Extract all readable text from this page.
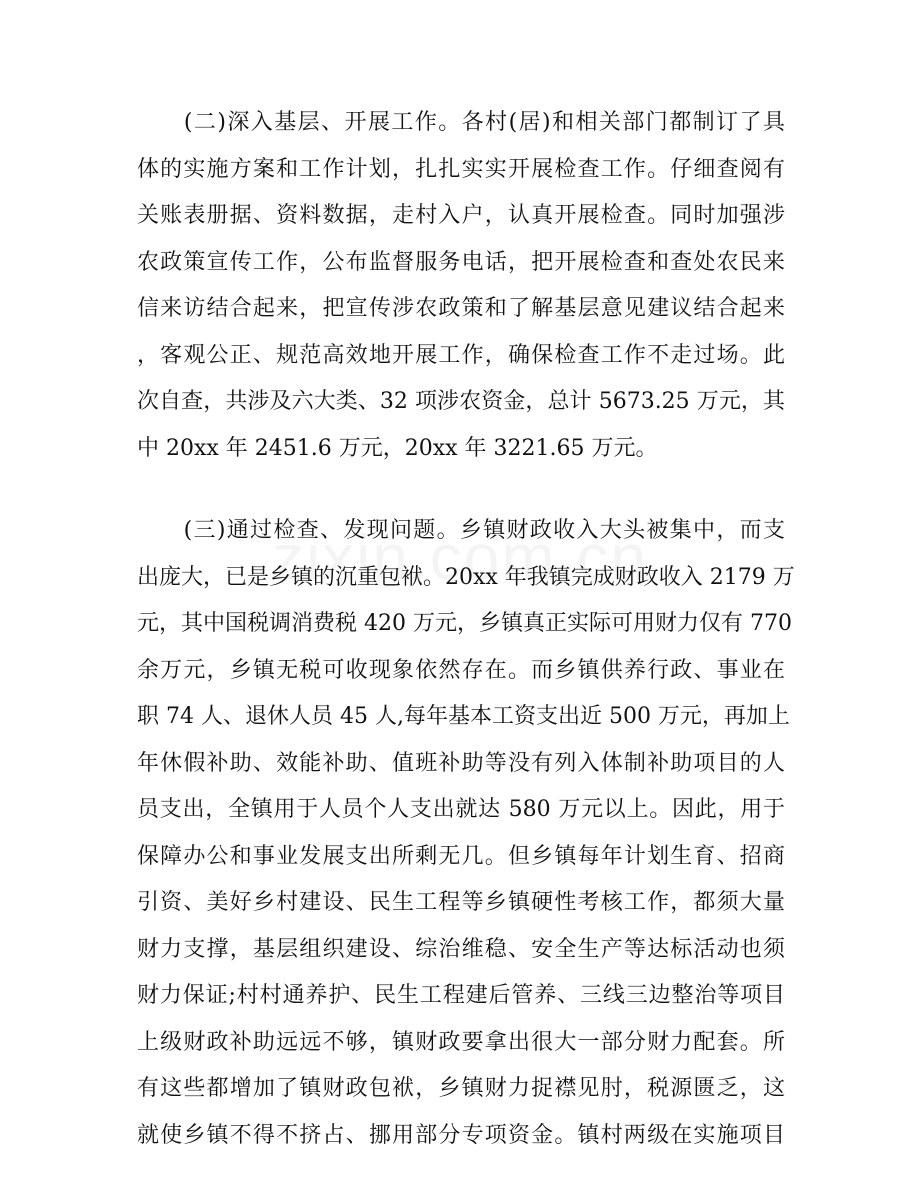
　　(二)深入基层、开展工作。各村(居)和相关部门都制订了具
体的实施方案和工作计划，扎扎实实开展检查工作。仔细查阅有
关账表册据、资料数据，走村入户，认真开展检查。同时加强涉
农政策宣传工作，公布监督服务电话，把开展检查和查处农民来
信来访结合起来，把宣传涉农政策和了解基层意见建议结合起来
，客观公正、规范高效地开展工作，确保检查工作不走过场。此
次自查，共涉及六大类、32 项涉农资金，总计 5673.25 万元，其
中 20xx 年 2451.6 万元，20xx 年 3221.65 万元。
　　(三)通过检查、发现问题。乡镇财政收入大头被集中，而支
出庞大，已是乡镇的沉重包袱。20xx 年我镇完成财政收入 2179 万
元，其中国税调消费税 420 万元，乡镇真正实际可用财力仅有 770
余万元，乡镇无税可收现象依然存在。而乡镇供养行政、事业在
职 74 人、退休人员 45 人,每年基本工资支出近 500 万元，再加上
年休假补助、效能补助、值班补助等没有列入体制补助项目的人
员支出，全镇用于人员个人支出就达 580 万元以上。因此，用于
保障办公和事业发展支出所剩无几。但乡镇每年计划生育、招商
引资、美好乡村建设、民生工程等乡镇硬性考核工作，都须大量
财力支撑，基层组织建设、综治维稳、安全生产等达标活动也须
财力保证;村村通养护、民生工程建后管养、三线三边整治等项目
上级财政补助远远不够，镇财政要拿出很大一部分财力配套。所
有这些都增加了镇财政包袱，乡镇财力捉襟见肘，税源匮乏，这
就使乡镇不得不挤占、挪用部分专项资金。镇村两级在实施项目
